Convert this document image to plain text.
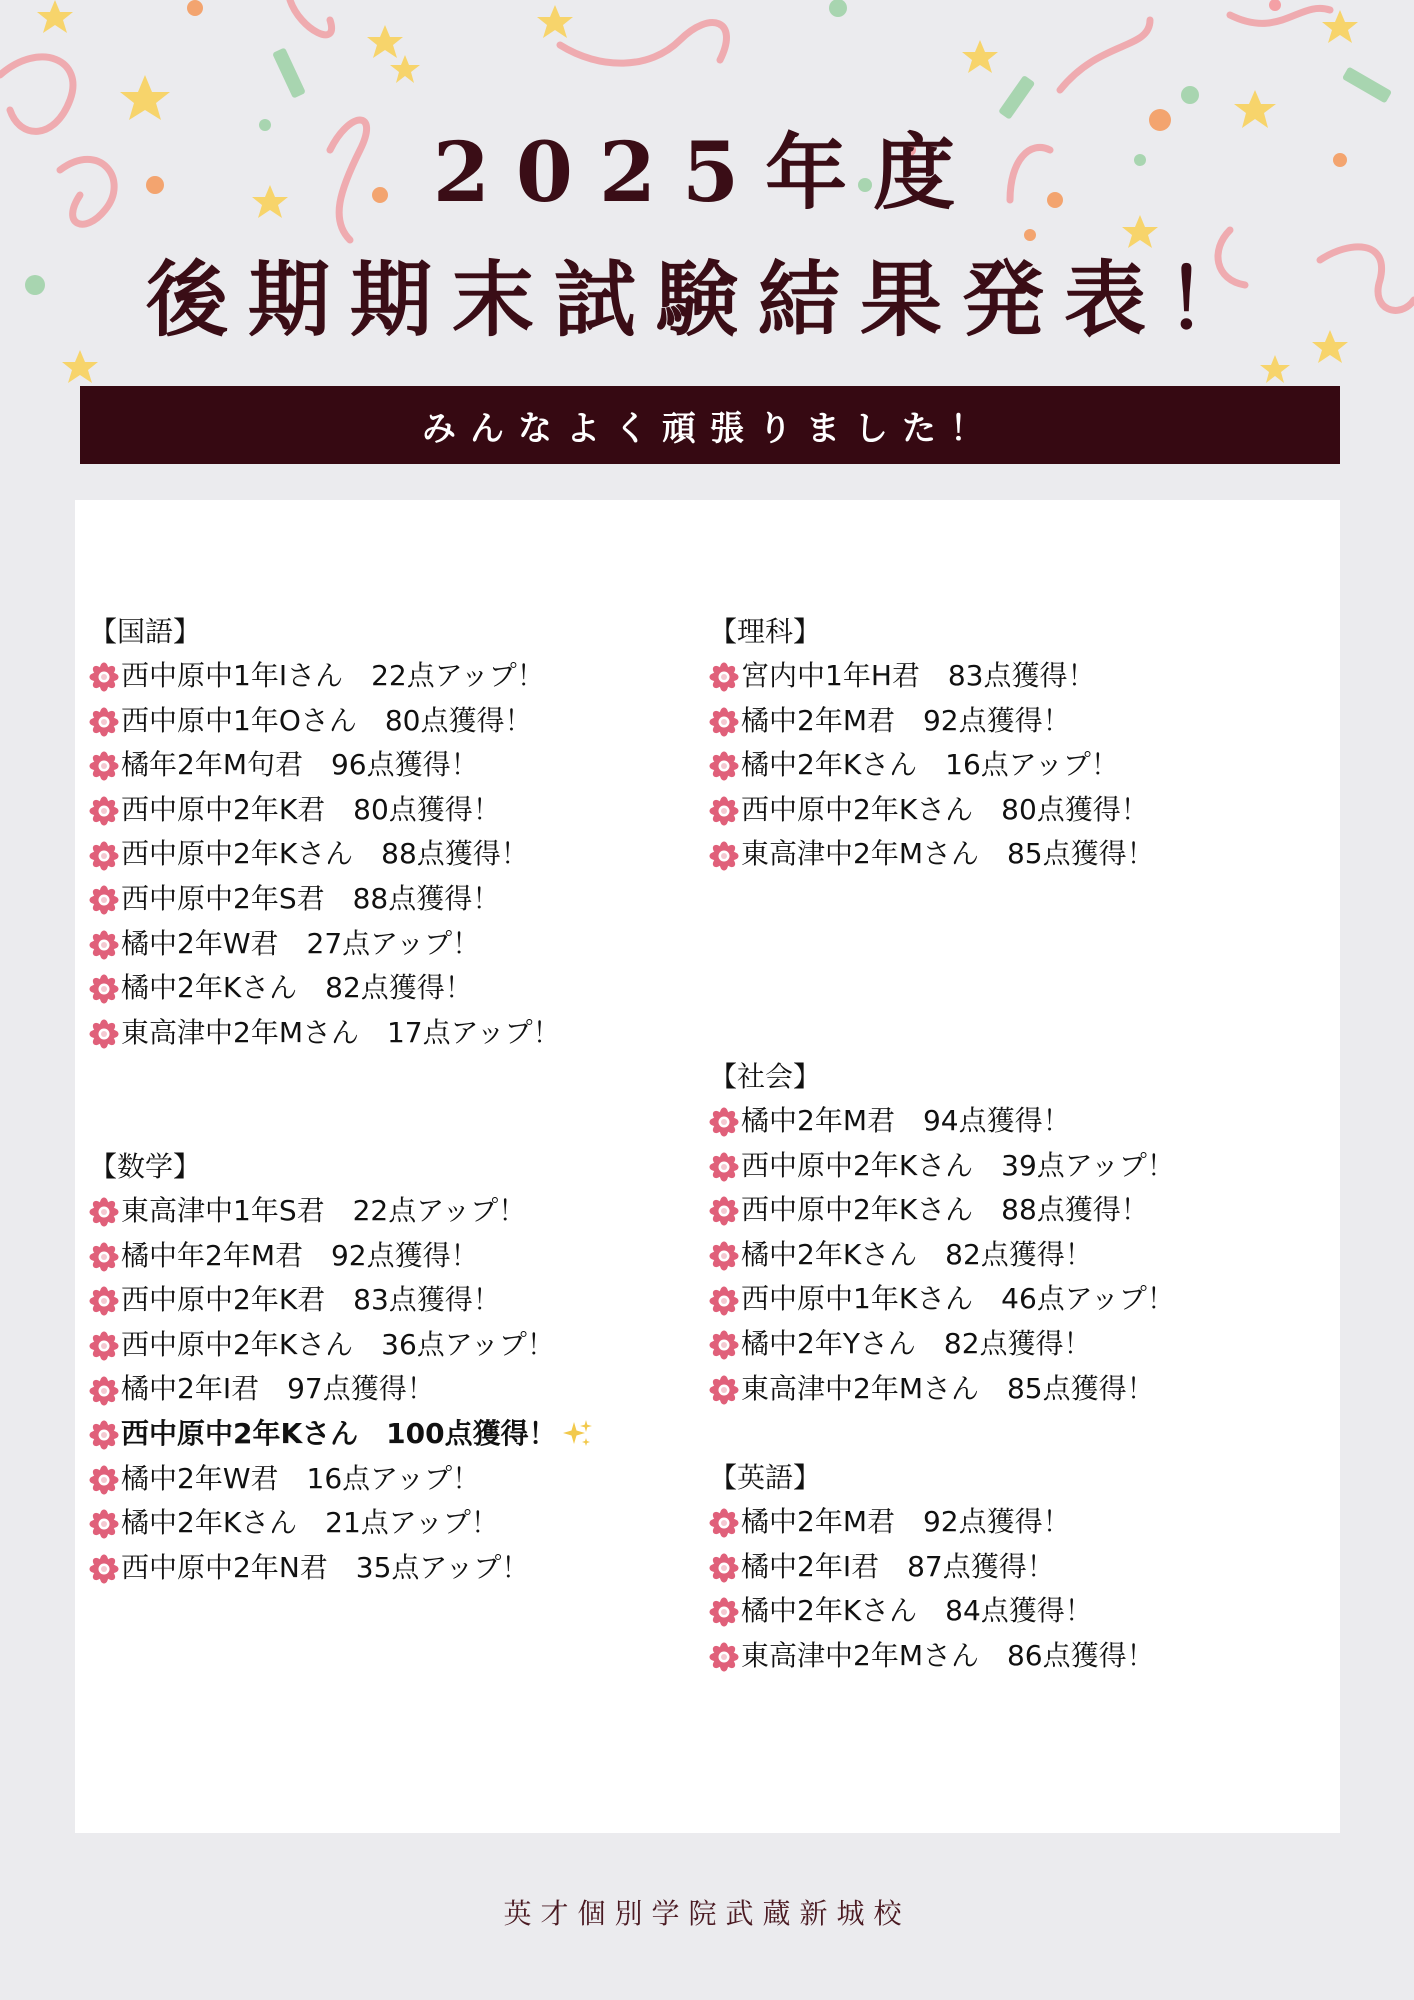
2025年度
後期期末試験結果発表！
みんなよく頑張りました！
【国語】
西中原中1年Iさん　22点アップ！
西中原中1年Oさん　80点獲得！
橘年2年M句君　96点獲得！
西中原中2年K君　80点獲得！
西中原中2年Kさん　88点獲得！
西中原中2年S君　88点獲得！
橘中2年W君　27点アップ！
橘中2年Kさん　82点獲得！
東高津中2年Mさん　17点アップ！
【数学】
東高津中1年S君　22点アップ！
橘中年2年M君　92点獲得！
西中原中2年K君　83点獲得！
西中原中2年Kさん　36点アップ！
橘中2年I君　97点獲得！
西中原中2年Kさん　100点獲得！
橘中2年W君　16点アップ！
橘中2年Kさん　21点アップ！
西中原中2年N君　35点アップ！
【理科】
宮内中1年H君　83点獲得！
橘中2年M君　92点獲得！
橘中2年Kさん　16点アップ！
西中原中2年Kさん　80点獲得！
東高津中2年Mさん　85点獲得！
【社会】
橘中2年M君　94点獲得！
西中原中2年Kさん　39点アップ！
西中原中2年Kさん　88点獲得！
橘中2年Kさん　82点獲得！
西中原中1年Kさん　46点アップ！
橘中2年Yさん　82点獲得！
東高津中2年Mさん　85点獲得！
【英語】
橘中2年M君　92点獲得！
橘中2年I君　87点獲得！
橘中2年Kさん　84点獲得！
東高津中2年Mさん　86点獲得！
英才個別学院武蔵新城校
